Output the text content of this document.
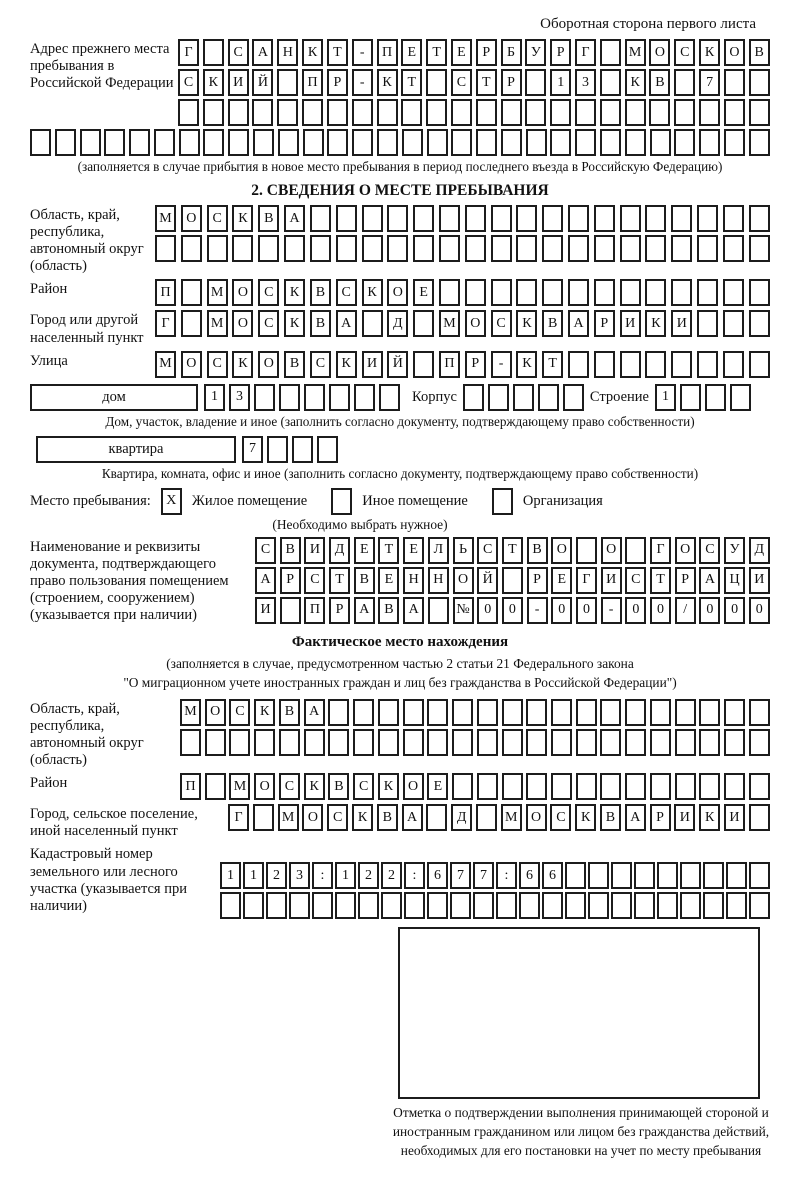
Оборотная сторона первого листа
Адрес прежнего места пребывания в Российской Федерации
Г	С	А	Н	К	Т	-	П	Е	Т	Е	Р	Б	У	Р	Г	М О	С	К	О	В
С	К	И	Й	П	Р	-	К	Т	С	Т	Р	1	3	К	В	7
(заполняется в случае прибытия в новое место пребывания в период последнего въезда в Российскую Федерацию)
2. СВЕДЕНИЯ О МЕСТЕ ПРЕБЫВАНИЯ
Область, край, республика, автономный округ (область)
М	О	С	К	В	А
Район	П	М	О	С	К	В	С	К	О	Е
Город или другой населенный пункт
Г	М	О	С	К	В	А	Д	М	О	С	К	В	А	Р	И	К	И
Улица	М	О	С	К	О	В	С	К	И	Й	П	Р	-	К	Т
дом	1	3	Корпус	Строение 1
Дом, участок, владение и иное (заполнить согласно документу, подтверждающему право собственности)
квартира	7
Квартира, комната, офис и иное (заполнить согласно документу, подтверждающему право собственности)
Место пребывания:	X	Жилое помещение	Иное помещение	Организация
(Необходимо выбрать нужное)
Наименование и реквизиты документа, подтверждающего право пользования помещением (строением, сооружением) (указывается при наличии)
С	В	И	Д	Е	Т	Е	Л	Ь	С	Т	В	О	О	Г	О	С	У	Д
А	Р	С	Т	В	Е	Н	Н	О	Й	Р	Е	Г	И	С	Т	Р	А	Ц	И
И	П	Р	А	В	А	№	0	0	-	0	0	-	0	0	/	0	0	0
Фактическое место нахождения
(заполняется в случае, предусмотренном частью 2 статьи 21 Федерального закона
"О миграционном учете иностранных граждан и лиц без гражданства в Российской Федерации")
Область, край, республика, автономный округ (область)
М О	С	К	В	А
Район	П	М О	С	К	В	С	К	О	Е
Город, сельское поселение, иной населенный пункт
Г	М О	С	К	В	А	Д	М О	С	К	В	А	Р	И	К	И
Кадастровый номер земельного или лесного участка (указывается при наличии)
1	1	2	3	:	1	2	2	:	6	7	7	:	6	6
Отметка о подтверждении выполнения принимающей стороной и иностранным гражданином или лицом без гражданства действий, необходимых для его постановки на учет по месту пребывания
